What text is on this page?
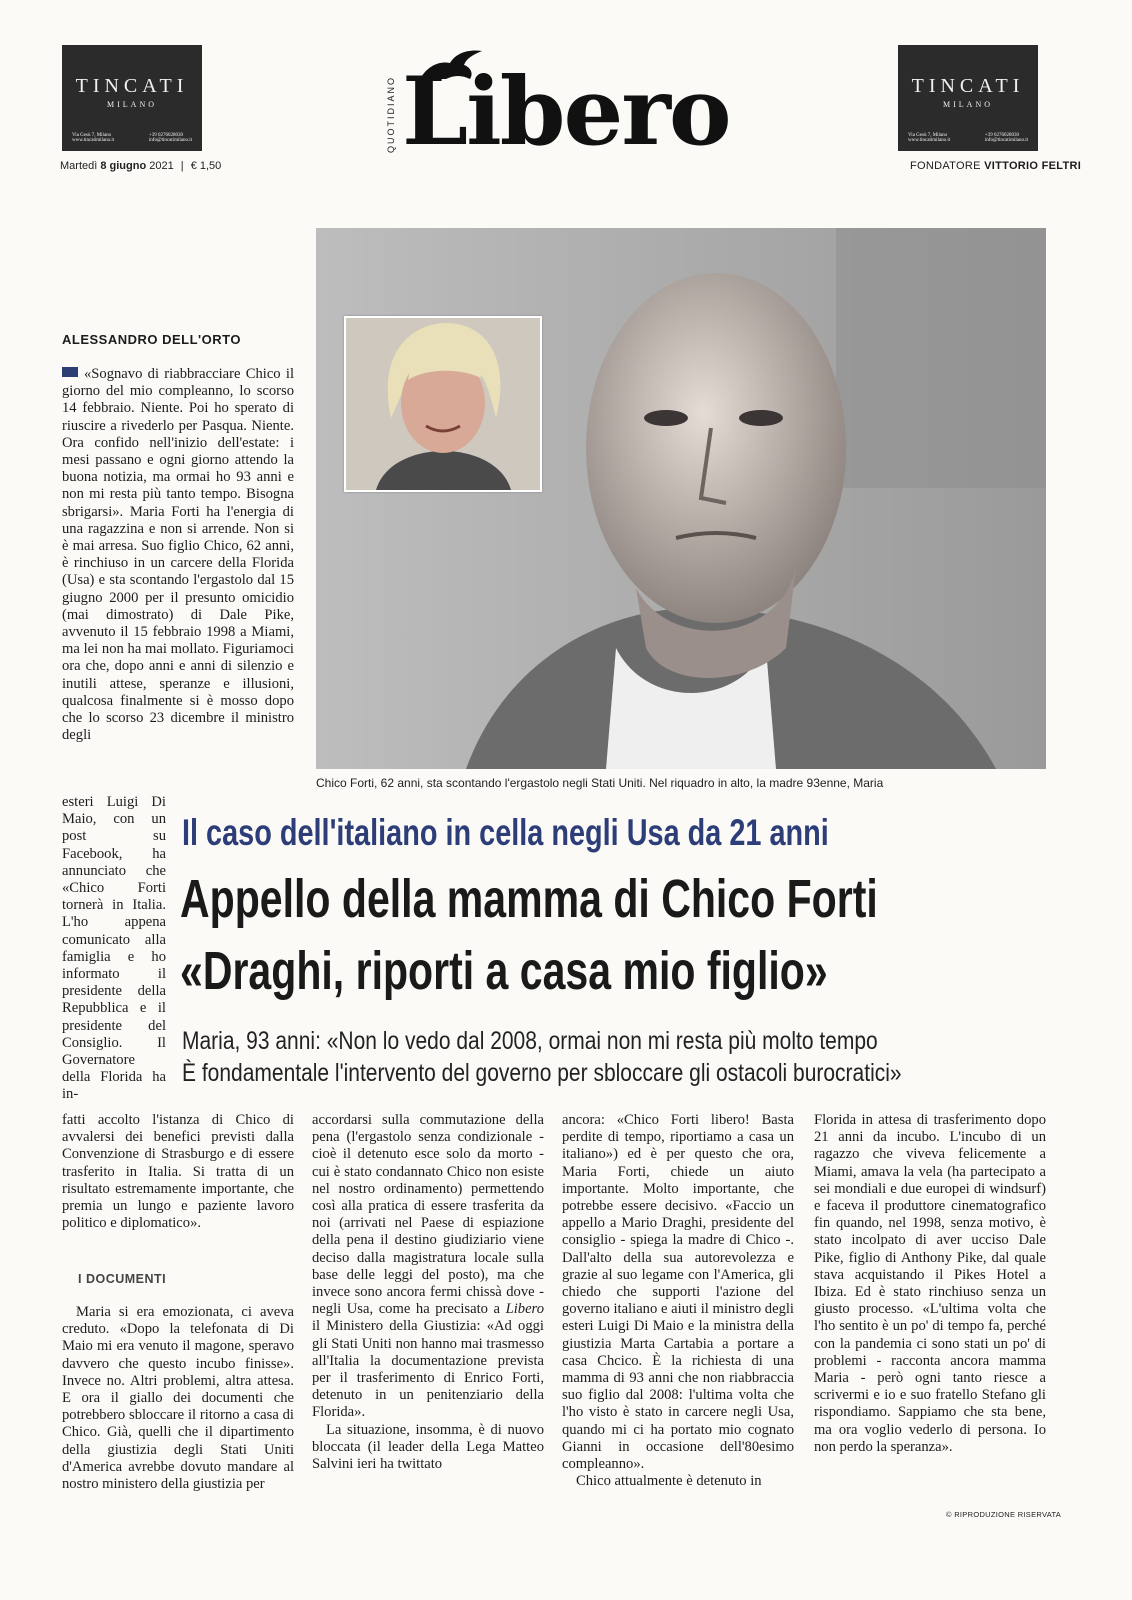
TINCATI
MILANO
Via Gesù 7, Milano
www.tincatimilano.it
+39 0276028030
info@tincatimilano.it
TINCATI
MILANO
Via Gesù 7, Milano
www.tincatimilano.it
+39 0276028030
info@tincatimilano.it
Martedì 8 giugno 2021 | € 1,50	FONDATORE VITTORIO FELTRI
QUOTIDIANO Libero
Chico Forti, 62 anni, sta scontando l'ergastolo negli Stati Uniti. Nel riquadro in alto, la madre 93enne, Maria
ALESSANDRO DELL'ORTO

«Sognavo di riabbracciare Chico il giorno del mio compleanno, lo scorso 14 febbraio. Niente. Poi ho sperato di riuscire a rivederlo per Pasqua. Niente. Ora confido nell'inizio dell'estate: i mesi passano e ogni giorno attendo la buona notizia, ma ormai ho 93 anni e non mi resta più tanto tempo. Bisogna sbrigarsi». Maria Forti ha l'energia di una ragazzina e non si arrende. Non si è mai arresa. Suo figlio Chico, 62 anni, è rinchiuso in un carcere della Florida (Usa) e sta scontando l'ergastolo dal 15 giugno 2000 per il presunto omicidio (mai dimostrato) di Dale Pike, avvenuto il 15 febbraio 1998 a Miami, ma lei non ha mai mollato. Figuriamoci ora che, dopo anni e anni di silenzio e inutili attese, speranze e illusioni, qualcosa finalmente si è mosso dopo che lo scorso 23 dicembre il ministro degli

esteri Luigi Di Maio, con un post su Facebook, ha annunciato che «Chico Forti tornerà in Italia. L'ho appena comunicato alla famiglia e ho informato il presidente della Repubblica e il presidente del Consiglio. Il Governatore della Florida ha in-

fatti accolto l'istanza di Chico di avvalersi dei benefici previsti dalla Convenzione di Strasburgo e di essere trasferito in Italia. Si tratta di un risultato estremamente importante, che premia un lungo e paziente lavoro politico e diplomatico».

I DOCUMENTI

Maria si era emozionata, ci aveva creduto. «Dopo la telefonata di Di Maio mi era venuto il magone, speravo davvero che questo incubo finisse». Invece no. Altri problemi, altra attesa. E ora il giallo dei documenti che potrebbero sbloccare il ritorno a casa di Chico. Già, quelli che il dipartimento della giustizia degli Stati Uniti d'America avrebbe dovuto mandare al nostro ministero della giustizia per

Il caso dell'italiano in cella negli Usa da 21 anni
Appello della mamma di Chico Forti
«Draghi, riporti a casa mio figlio»
Maria, 93 anni: «Non lo vedo dal 2008, ormai non mi resta più molto tempo
È fondamentale l'intervento del governo per sbloccare gli ostacoli burocratici»

accordarsi sulla commutazione della pena (l'ergastolo senza condizionale - cioè il detenuto esce solo da morto - cui è stato condannato Chico non esiste nel nostro ordinamento) permettendo così alla pratica di essere trasferita da noi (arrivati nel Paese di espiazione della pena il destino giudiziario viene deciso dalla magistratura locale sulla base delle leggi del posto), ma che invece sono ancora fermi chissà dove - negli Usa, come ha precisato a Libero il Ministero della Giustizia: «Ad oggi gli Stati Uniti non hanno mai trasmesso all'Italia la documentazione prevista per il trasferimento di Enrico Forti, detenuto in un penitenziario della Florida».

La situazione, insomma, è di nuovo bloccata (il leader della Lega Matteo Salvini ieri ha twittato

ancora: «Chico Forti libero! Basta perdite di tempo, riportiamo a casa un italiano») ed è per questo che ora, Maria Forti, chiede un aiuto importante. Molto importante, che potrebbe essere decisivo. «Faccio un appello a Mario Draghi, presidente del consiglio - spiega la madre di Chico -. Dall'alto della sua autorevolezza e grazie al suo legame con l'America, gli chiedo che supporti l'azione del governo italiano e aiuti il ministro degli esteri Luigi Di Maio e la ministra della giustizia Marta Cartabia a portare a casa Chcico. È la richiesta di una mamma di 93 anni che non riabbraccia suo figlio dal 2008: l'ultima volta che l'ho visto è stato in carcere negli Usa, quando mi ci ha portato mio cognato Gianni in occasione dell'80esimo compleanno».

Chico attualmente è detenuto in

Florida in attesa di trasferimento dopo 21 anni da incubo. L'incubo di un ragazzo che viveva felicemente a Miami, amava la vela (ha partecipato a sei mondiali e due europei di windsurf) e faceva il produttore cinematografico fin quando, nel 1998, senza motivo, è stato incolpato di aver ucciso Dale Pike, figlio di Anthony Pike, dal quale stava acquistando il Pikes Hotel a Ibiza. Ed è stato rinchiuso senza un giusto processo. «L'ultima volta che l'ho sentito è un po' di tempo fa, perché con la pandemia ci sono stati un po' di problemi - racconta ancora mamma Maria - però ogni tanto riesce a scrivermi e io e suo fratello Stefano gli rispondiamo. Sappiamo che sta bene, ma ora voglio vederlo di persona. Io non perdo la speranza».

© RIPRODUZIONE RISERVATA
